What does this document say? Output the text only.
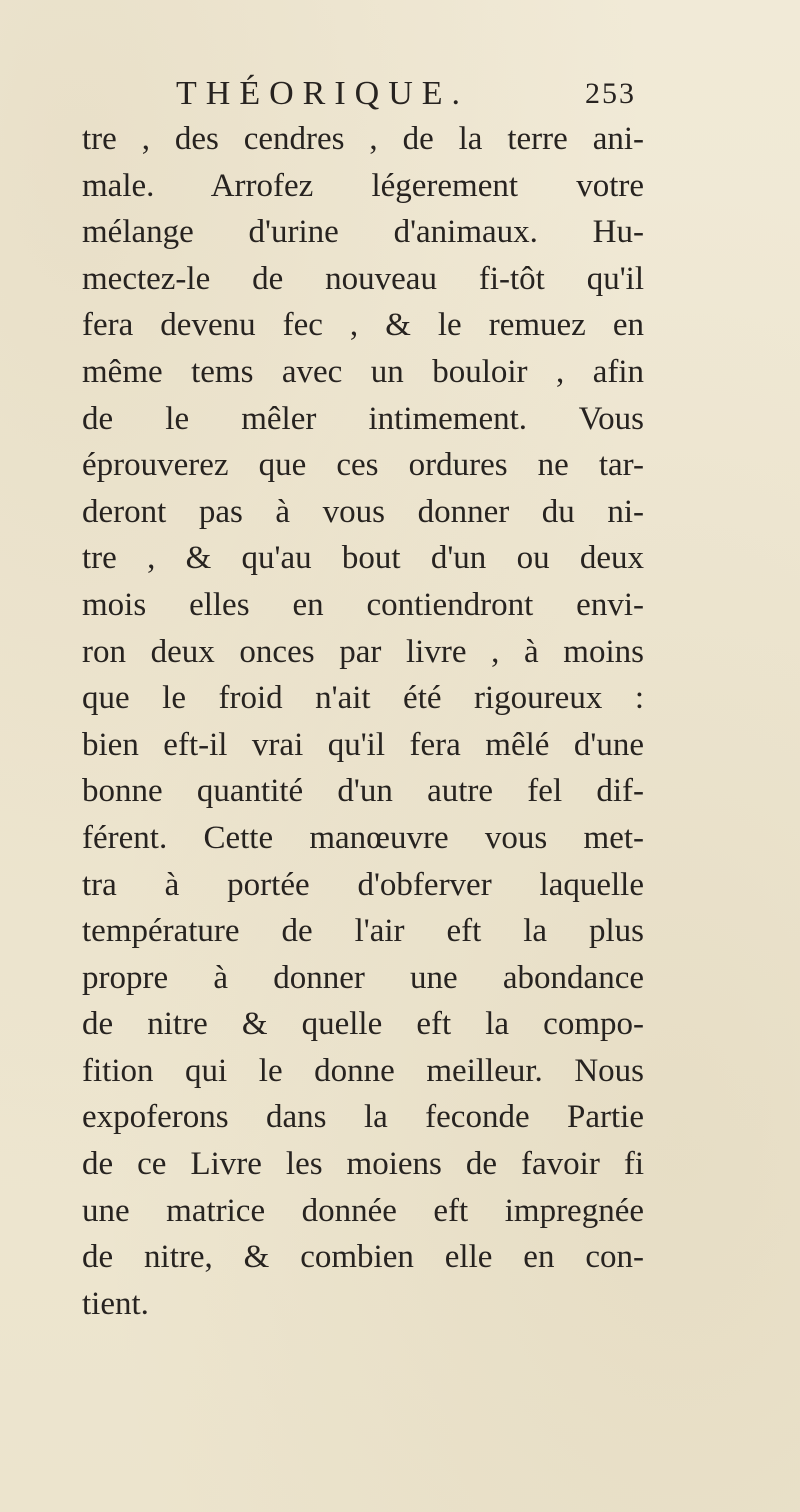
THÉORIQUE.	253
tre , des cendres , de la terre ani-
male. Arrofez légerement votre
mélange d'urine d'animaux. Hu-
mectez-le de nouveau fi-tôt qu'il
fera devenu fec , & le remuez en
même tems avec un bouloir , afin
de le mêler intimement. Vous
éprouverez que ces ordures ne tar-
deront pas à vous donner du ni-
tre , & qu'au bout d'un ou deux
mois elles en contiendront envi-
ron deux onces par livre , à moins
que le froid n'ait été rigoureux :
bien eft-il vrai qu'il fera mêlé d'une
bonne quantité d'un autre fel dif-
férent. Cette manœuvre vous met-
tra à portée d'obferver laquelle
température de l'air eft la plus
propre à donner une abondance
de nitre & quelle eft la compo-
fition qui le donne meilleur. Nous
expoferons dans la feconde Partie
de ce Livre les moiens de favoir fi
une matrice donnée eft impregnée
de nitre, & combien elle en con-
tient.
